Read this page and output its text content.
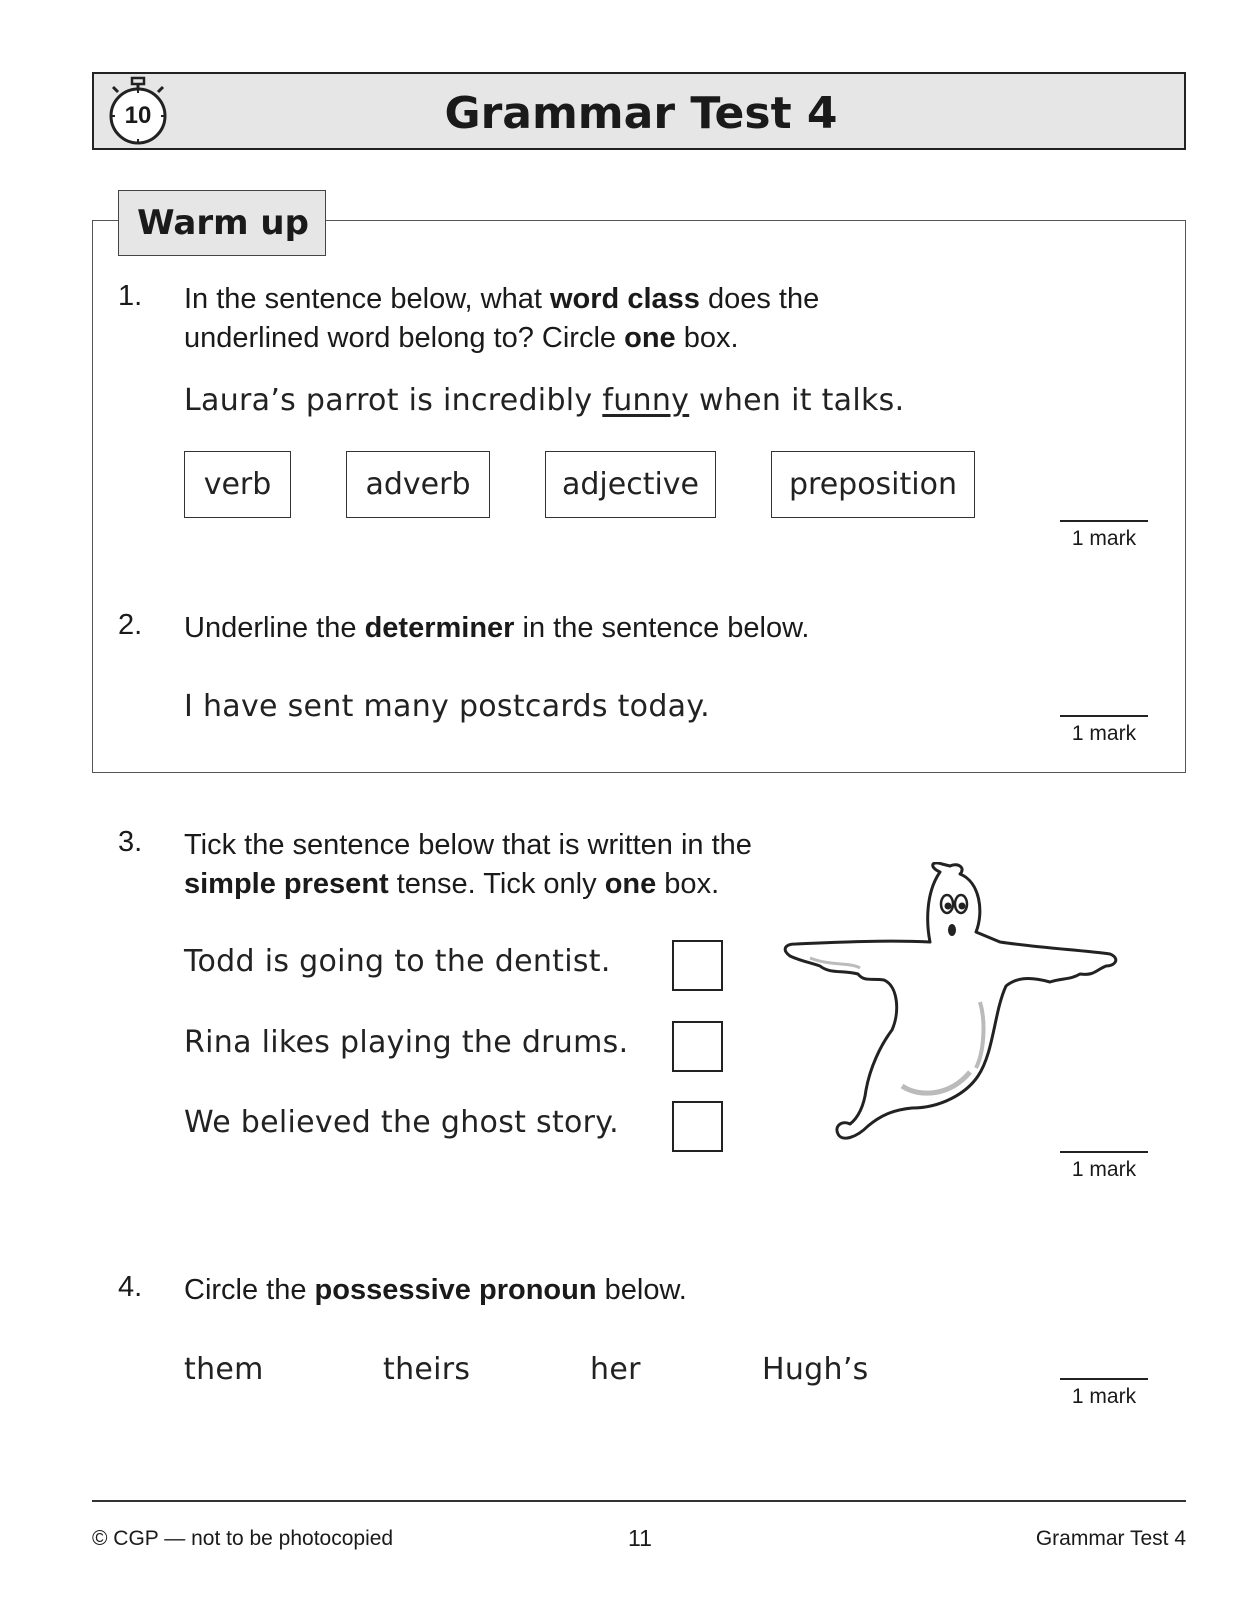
10	Grammar Test 4
Warm up
1. In the sentence below, what word class does the
underlined word belong to? Circle one box.
Laura’s parrot is incredibly funny when it talks.
verb	adverb	adjective	preposition
1 mark
2. Underline the determiner in the sentence below.
I have sent many postcards today.
1 mark
3. Tick the sentence below that is written in the
simple present tense. Tick only one box.
Todd is going to the dentist.
Rina likes playing the drums.
We believed the ghost story.
1 mark
4. Circle the possessive pronoun below.
them	theirs	her	Hugh’s
1 mark
© CGP — not to be photocopied	11	Grammar Test 4
